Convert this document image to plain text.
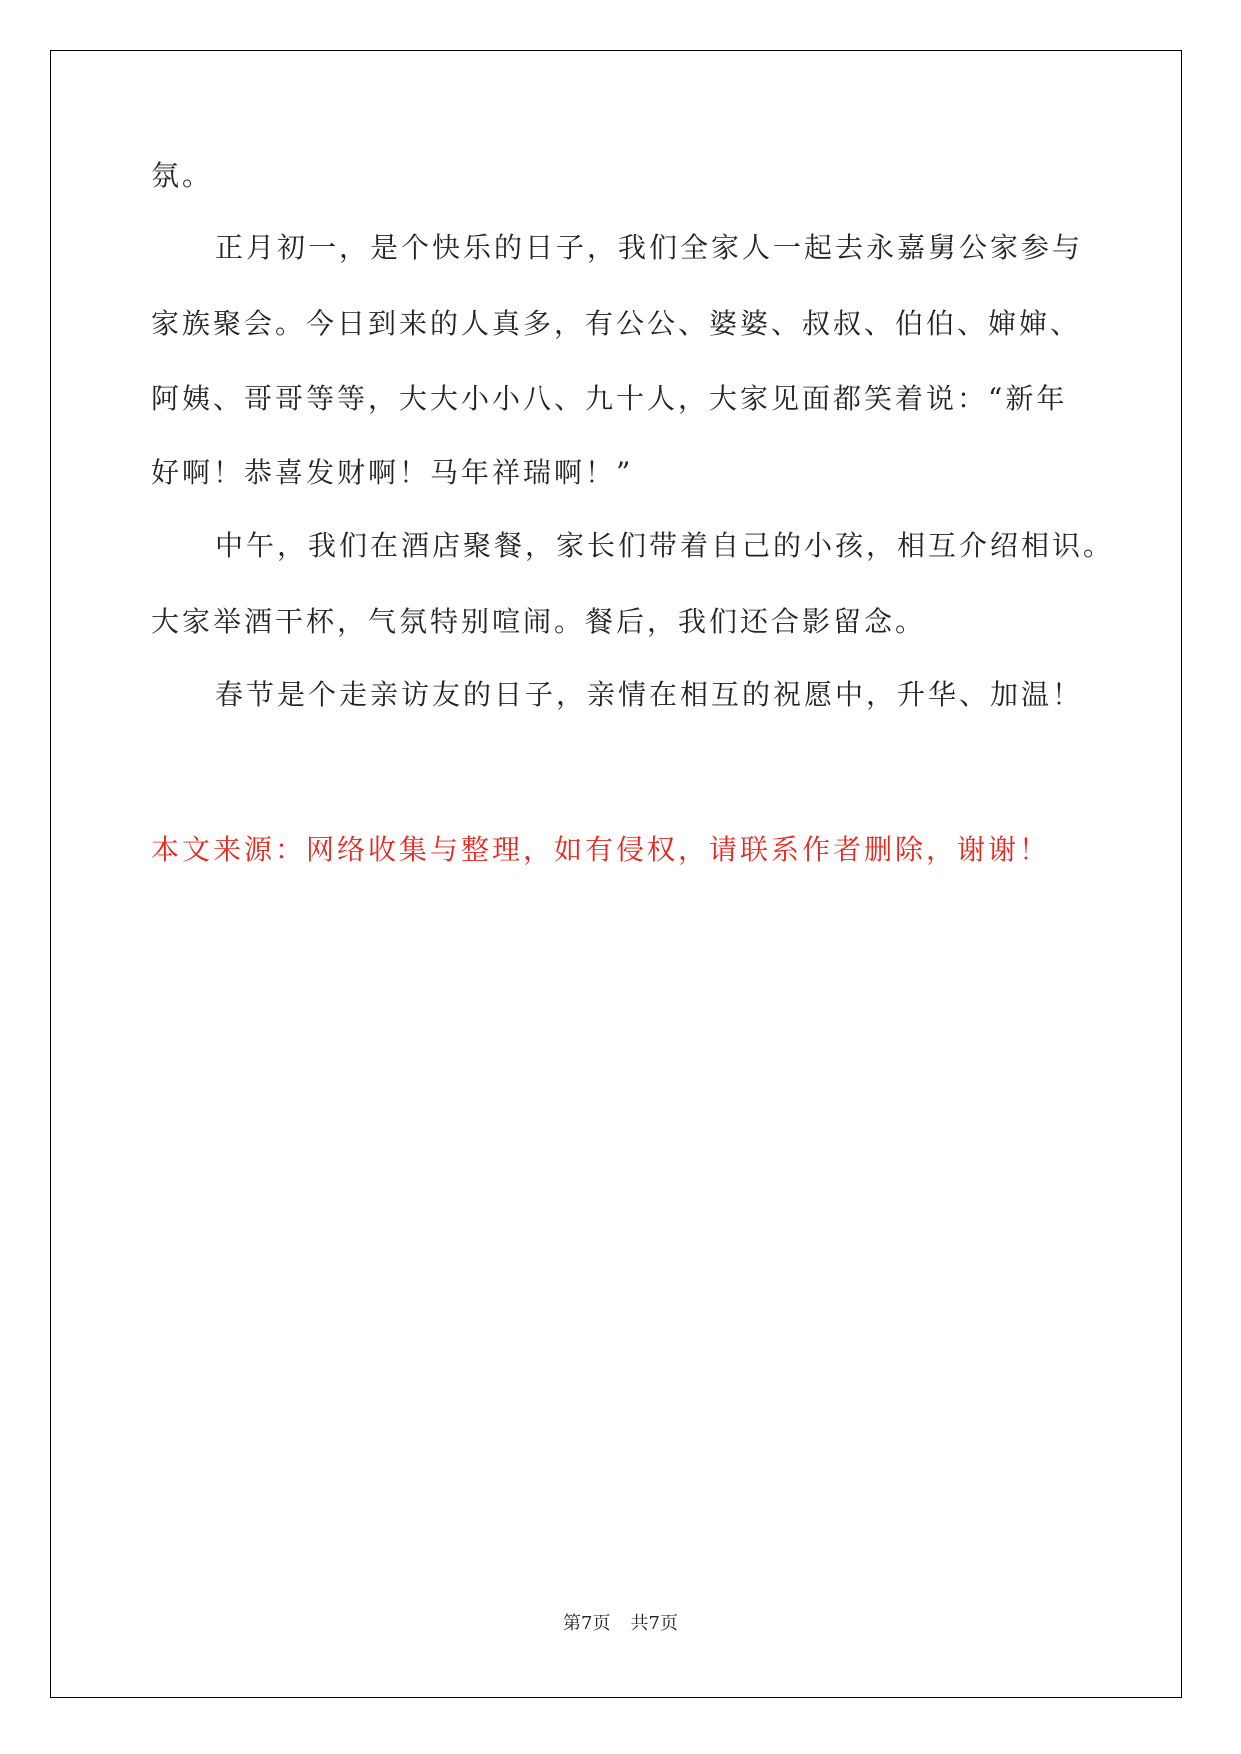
氛。
正月初一，是个快乐的日子，我们全家人一起去永嘉舅公家参与
家族聚会。今日到来的人真多，有公公、婆婆、叔叔、伯伯、婶婶、
阿姨、哥哥等等，大大小小八、九十人，大家见面都笑着说：“新年
好啊！恭喜发财啊！马年祥瑞啊！”
中午，我们在酒店聚餐，家长们带着自己的小孩，相互介绍相识。
大家举酒干杯，气氛特别喧闹。餐后，我们还合影留念。
春节是个走亲访友的日子，亲情在相互的祝愿中，升华、加温！
本文来源：网络收集与整理，如有侵权，请联系作者删除，谢谢！
第7页 共7页
